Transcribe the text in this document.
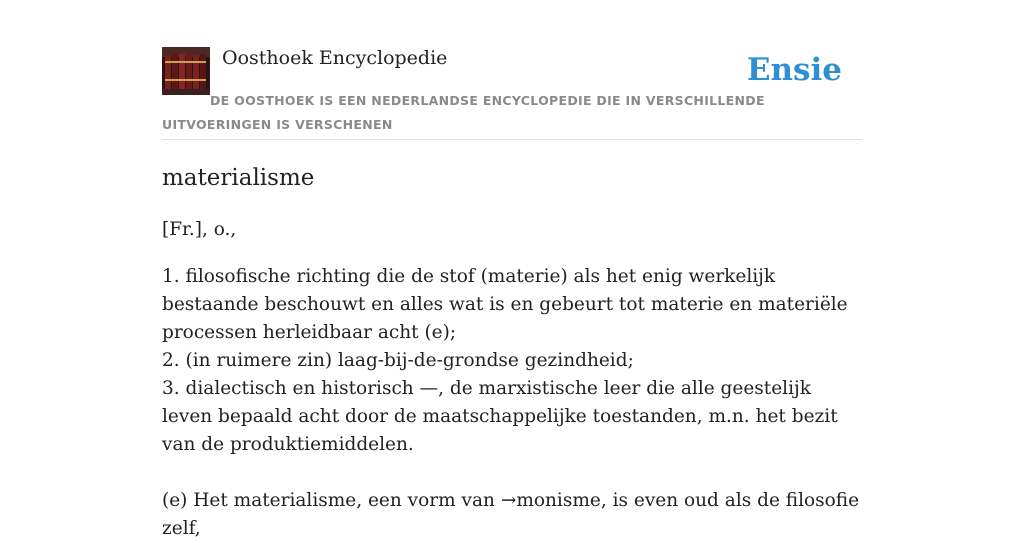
Oosthoek Encyclopedie	Ensie
DE OOSTHOEK IS EEN NEDERLANDSE ENCYCLOPEDIE DIE IN VERSCHILLENDE UITVOERINGEN IS VERSCHENEN
materialisme
[Fr.], o.,

1. filosofische richting die de stof (materie) als het enig werkelijk bestaande beschouwt en alles wat is en gebeurt tot materie en materiële processen herleidbaar acht (e);

2. (in ruimere zin) laag-bij-de-grondse gezindheid;

3. dialectisch en historisch —, de marxistische leer die alle geestelijk leven bepaald acht door de maatschappelijke toestanden, m.n. het bezit van de produktiemiddelen.

(e) Het materialisme, een vorm van →monisme, is even oud als de filosofie zelf,
